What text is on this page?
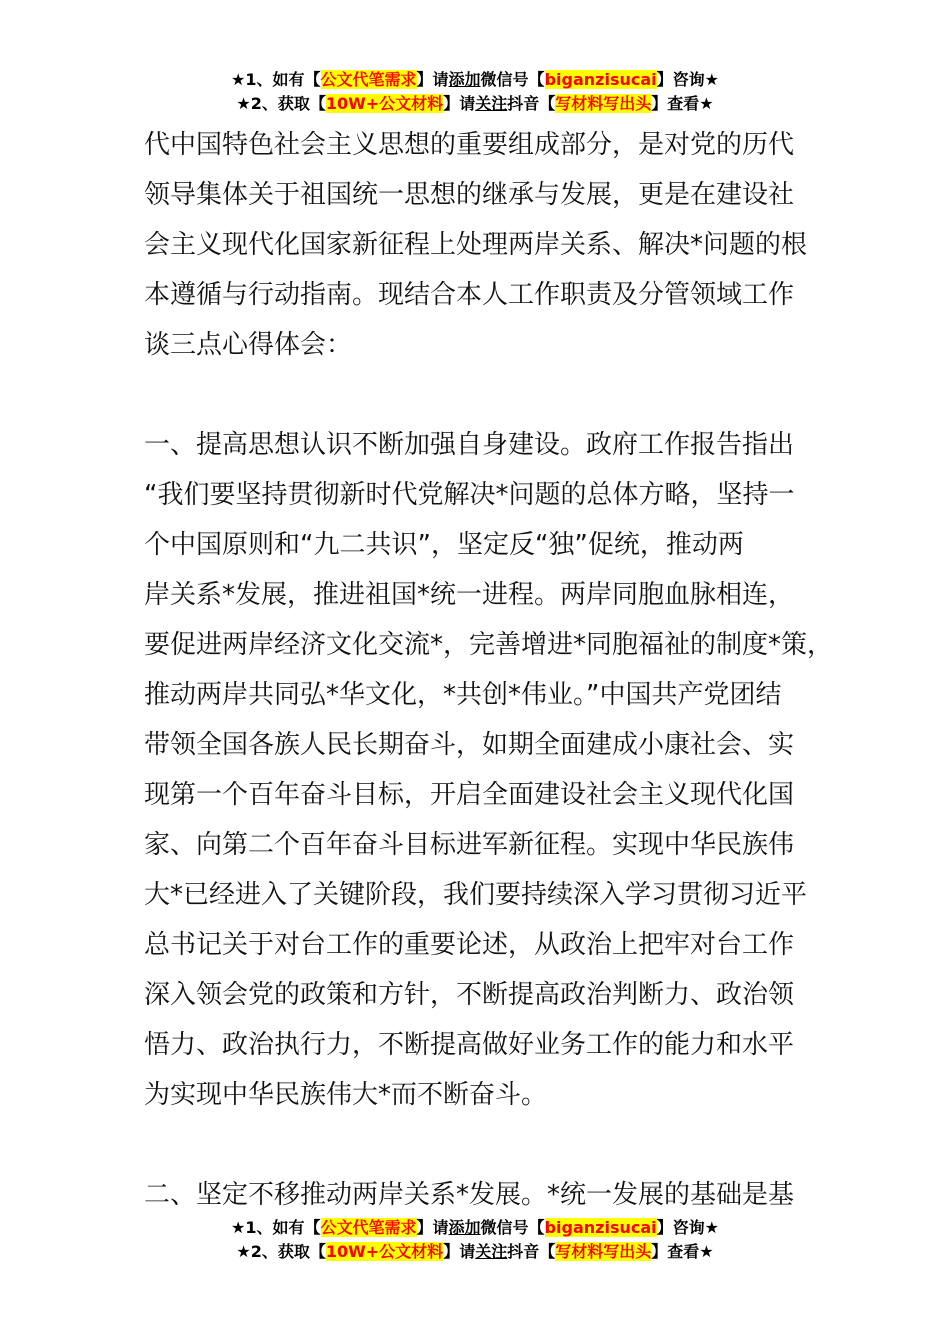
★1、如有【公文代笔需求】请添加微信号【biganzisucai】咨询★
★2、获取【10W+公文材料】请关注抖音【写材料写出头】查看★
代中国特色社会主义思想的重要组成部分，是对党的历代
领导集体关于祖国统一思想的继承与发展，更是在建设社
会主义现代化国家新征程上处理两岸关系、解决*问题的根
本遵循与行动指南。现结合本人工作职责及分管领域工作
谈三点心得体会：
一、提高思想认识不断加强自身建设。政府工作报告指出
“我们要坚持贯彻新时代党解决*问题的总体方略，坚持一
个中国原则和“九二共识”，坚定反“独”促统，推动两
岸关系*发展，推进祖国*统一进程。两岸同胞血脉相连，
要促进两岸经济文化交流*，完善增进*同胞福祉的制度*策，
推动两岸共同弘*华文化，*共创*伟业。”中国共产党团结
带领全国各族人民长期奋斗，如期全面建成小康社会、实
现第一个百年奋斗目标，开启全面建设社会主义现代化国
家、向第二个百年奋斗目标进军新征程。实现中华民族伟
大*已经进入了关键阶段，我们要持续深入学习贯彻习近平
总书记关于对台工作的重要论述，从政治上把牢对台工作
深入领会党的政策和方针，不断提高政治判断力、政治领
悟力、政治执行力，不断提高做好业务工作的能力和水平
为实现中华民族伟大*而不断奋斗。
二、坚定不移推动两岸关系*发展。*统一发展的基础是基
★1、如有【公文代笔需求】请添加微信号【biganzisucai】咨询★
★2、获取【10W+公文材料】请关注抖音【写材料写出头】查看★
